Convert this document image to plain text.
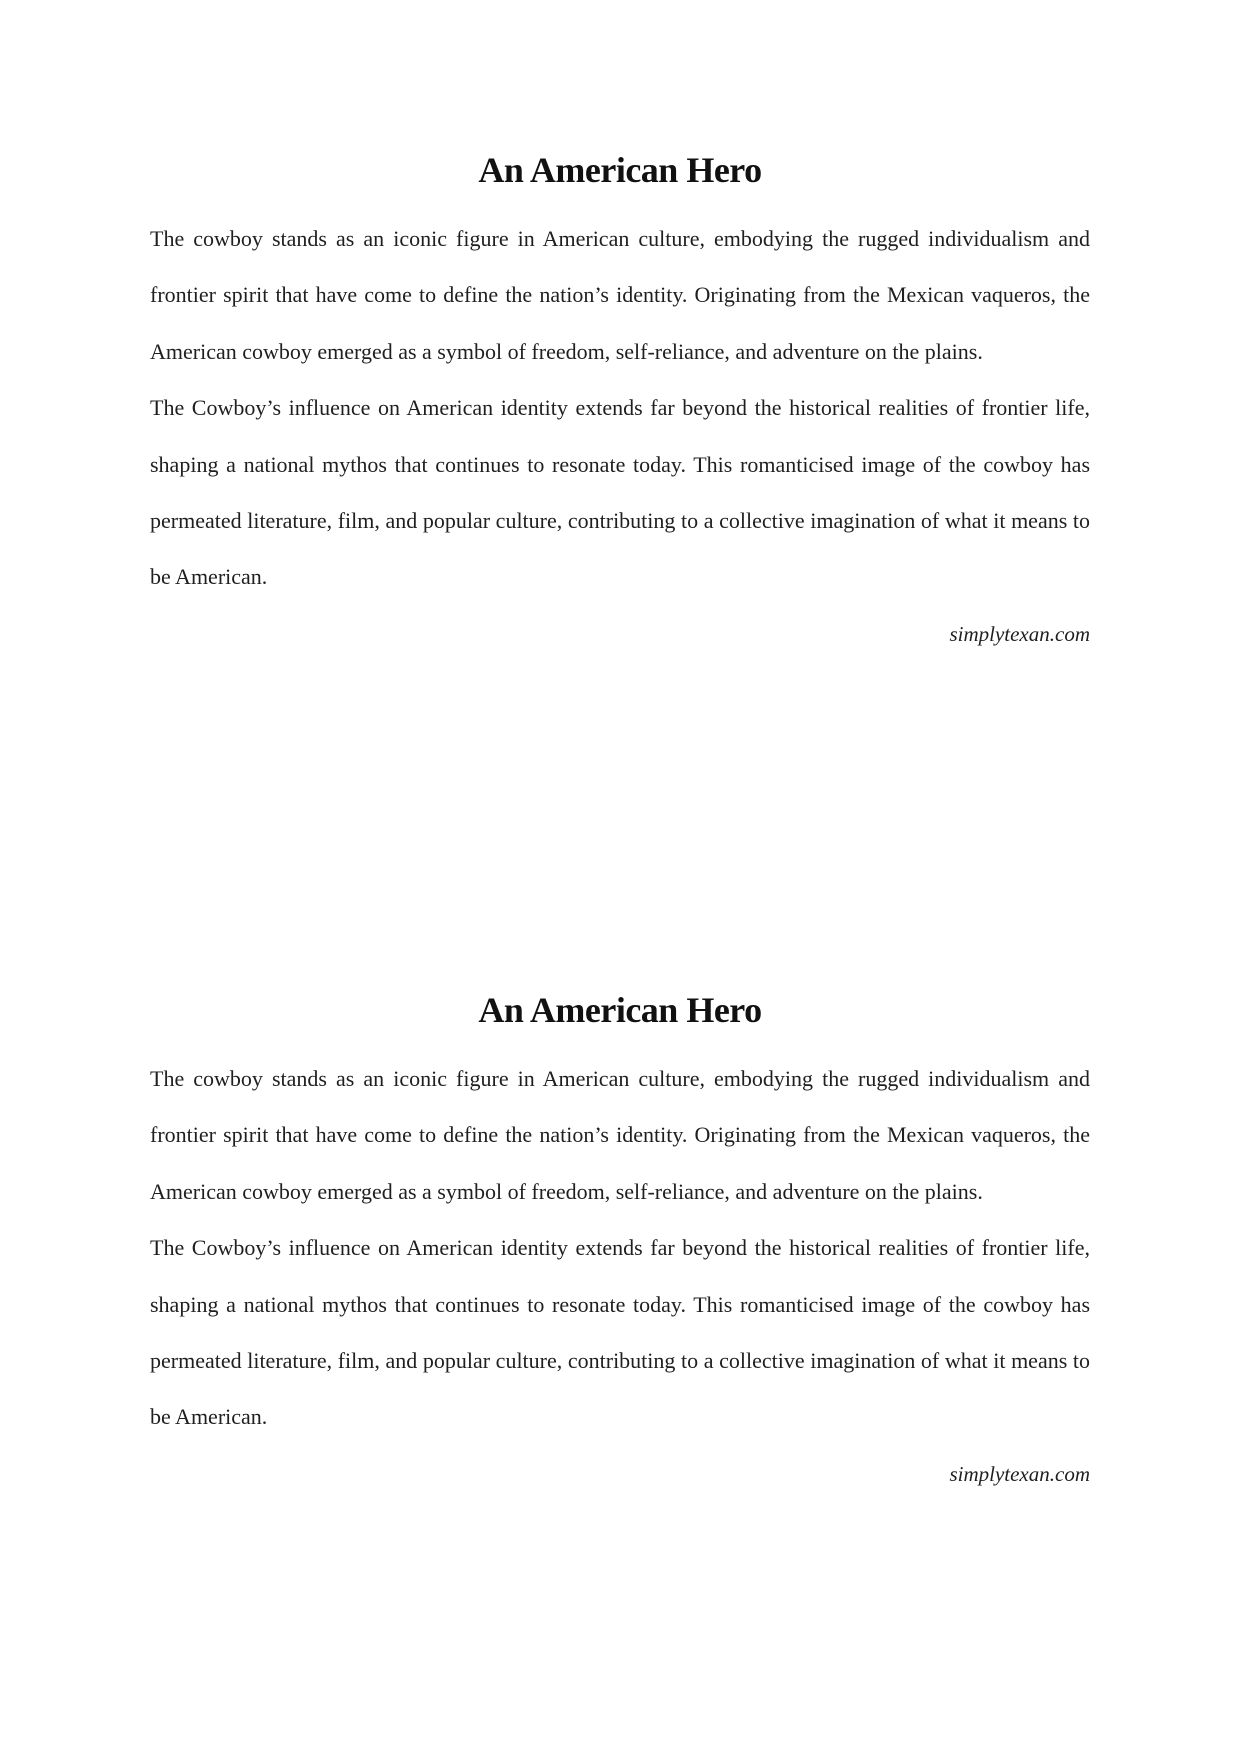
An American Hero

The cowboy stands as an iconic figure in American culture, embodying the rugged individualism and frontier spirit that have come to define the nation’s identity. Originating from the Mexican vaqueros, the American cowboy emerged as a symbol of freedom, self-reliance, and adventure on the plains.

The Cowboy’s influence on American identity extends far beyond the historical realities of frontier life, shaping a national mythos that continues to resonate today. This romanticised image of the cowboy has permeated literature, film, and popular culture, contributing to a collective imagination of what it means to be American.

simplytexan.com

An American Hero

The cowboy stands as an iconic figure in American culture, embodying the rugged individualism and frontier spirit that have come to define the nation’s identity. Originating from the Mexican vaqueros, the American cowboy emerged as a symbol of freedom, self-reliance, and adventure on the plains.

The Cowboy’s influence on American identity extends far beyond the historical realities of frontier life, shaping a national mythos that continues to resonate today. This romanticised image of the cowboy has permeated literature, film, and popular culture, contributing to a collective imagination of what it means to be American.

simplytexan.com
